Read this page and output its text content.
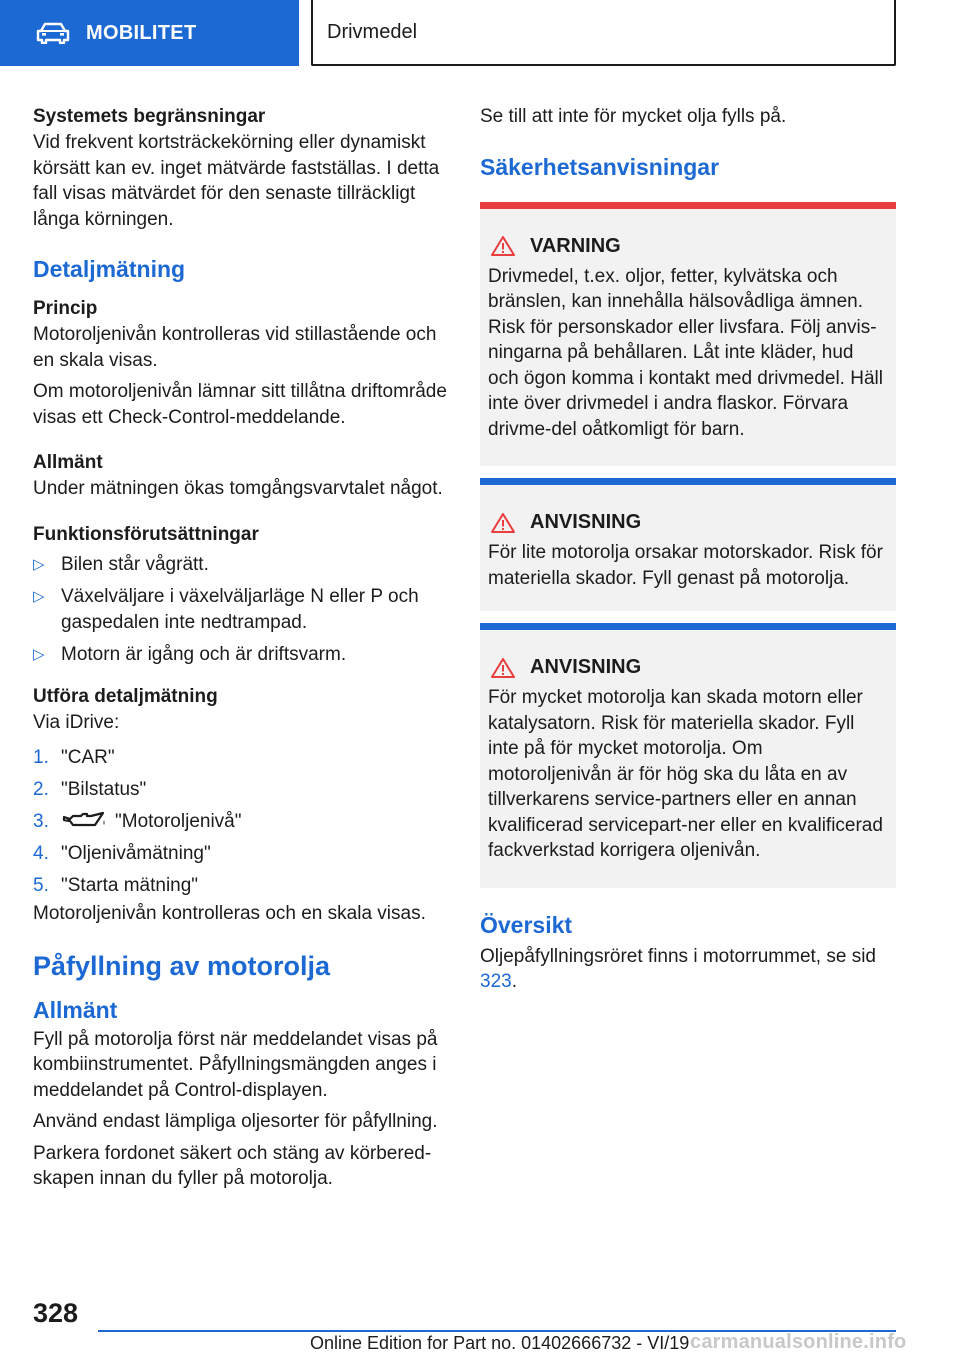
MOBILITET	Drivmedel
Systemets begränsningar
Vid frekvent kortsträckekörning eller dynamiskt körsätt kan ev. inget mätvärde fastställas. I detta fall visas mätvärdet för den senaste tillräckligt långa körningen.
Detaljmätning
Princip
Motoroljenivån kontrolleras vid stillastående och en skala visas.
Om motoroljenivån lämnar sitt tillåtna driftområde visas ett Check-Control-meddelande.
Allmänt
Under mätningen ökas tomgångsvarvtalet något.
Funktionsförutsättningar
▷ Bilen står vågrätt.
▷ Växelväljare i växelväljarläge N eller P och gaspedalen inte nedtrampad.
▷ Motorn är igång och är driftsvarm.
Utföra detaljmätning
Via iDrive:
1. "CAR"
2. "Bilstatus"
3.	"Motoroljenivå"
4. "Oljenivåmätning"
5. "Starta mätning"
Motoroljenivån kontrolleras och en skala visas.
Påfyllning av motorolja
Allmänt
Fyll på motorolja först när meddelandet visas på kombiinstrumentet. Påfyllningsmängden anges i meddelandet på Control-displayen.
Använd endast lämpliga oljesorter för påfyllning.
Parkera fordonet säkert och stäng av körbered-skapen innan du fyller på motorolja.
Se till att inte för mycket olja fylls på.
Säkerhetsanvisningar
VARNING
Drivmedel, t.ex. oljor, fetter, kylvätska och bränslen, kan innehålla hälsovådliga ämnen. Risk för personskador eller livsfara. Följ anvis-ningarna på behållaren. Låt inte kläder, hud och ögon komma i kontakt med drivmedel. Häll inte över drivmedel i andra flaskor. Förvara drivme-del oåtkomligt för barn.
ANVISNING
För lite motorolja orsakar motorskador. Risk för materiella skador. Fyll genast på motorolja.
ANVISNING
För mycket motorolja kan skada motorn eller katalysatorn. Risk för materiella skador. Fyll inte på för mycket motorolja. Om motoroljenivån är för hög ska du låta en av tillverkarens service-partners eller en annan kvalificerad servicepart-ner eller en kvalificerad fackverkstad korrigera oljenivån.
Översikt
Oljepåfyllningsröret finns i motorrummet, se sid 323.
328
Online Edition for Part no. 01402666732 - VI/19 carmanualsonline.info
